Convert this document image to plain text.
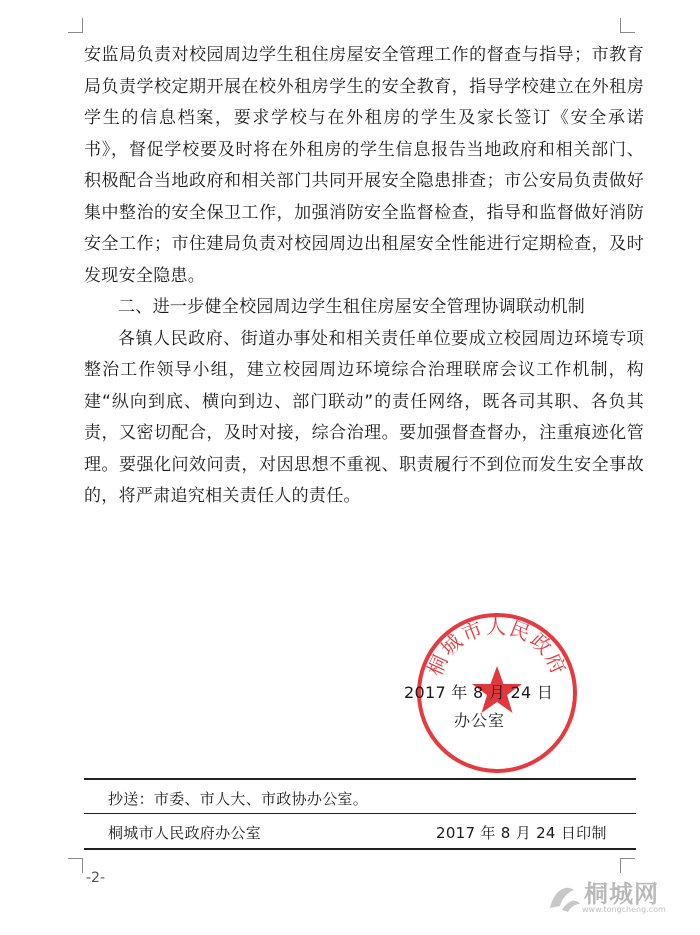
安监局负责对校园周边学生租住房屋安全管理工作的督查与指导；市教育局负责学校定期开展在校外租房学生的安全教育，指导学校建立在外租房学生的信息档案，要求学校与在外租房的学生及家长签订《安全承诺书》，督促学校要及时将在外租房的学生信息报告当地政府和相关部门、积极配合当地政府和相关部门共同开展安全隐患排查；市公安局负责做好集中整治的安全保卫工作，加强消防安全监督检查，指导和监督做好消防安全工作；市住建局负责对校园周边出租屋安全性能进行定期检查，及时发现安全隐患。

二、进一步健全校园周边学生租住房屋安全管理协调联动机制

各镇人民政府、街道办事处和相关责任单位要成立校园周边环境专项整治工作领导小组，建立校园周边环境综合治理联席会议工作机制，构建“纵向到底、横向到边、部门联动”的责任网络，既各司其职、各负其责，又密切配合，及时对接，综合治理。要加强督查督办，注重痕迹化管理。要强化问效问责，对因思想不重视、职责履行不到位而发生安全事故的，将严肃追究相关责任人的责任。

桐城市人民政府
2017 年 8 月 24 日
办公室
抄送：市委、市人大、市政协办公室。
桐城市人民政府办公室	2017 年 8 月 24 日印制
-2-
桐城网
www.tongcheng.com
